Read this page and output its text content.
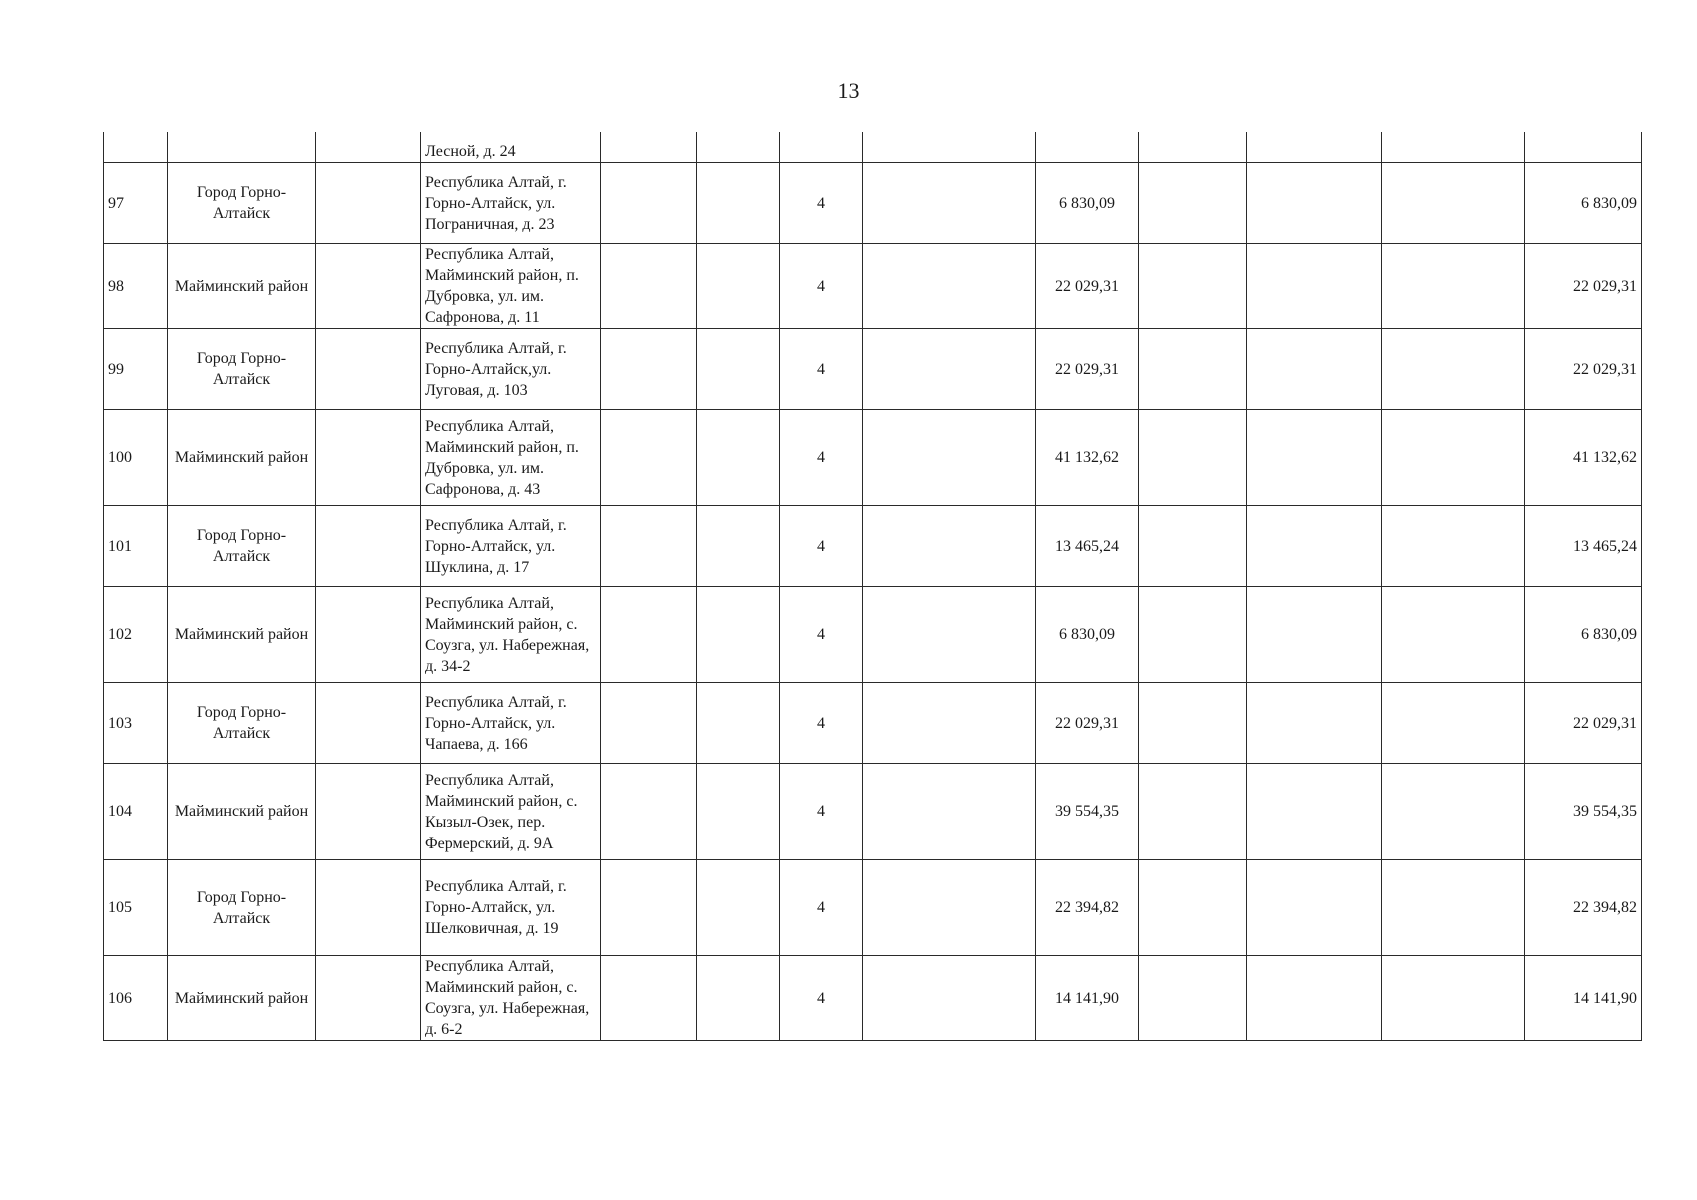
13
			Лесной, д. 24									
97	Город Горно-Алтайск		Республика Алтай, г. Горно-Алтайск, ул. Пограничная, д. 23			4		6 830,09				6 830,09
98	Майминский район		Республика Алтай, Майминский район, п. Дубровка, ул. им. Сафронова, д. 11			4		22 029,31				22 029,31
99	Город Горно-Алтайск		Республика Алтай, г. Горно-Алтайск,ул. Луговая, д. 103			4		22 029,31				22 029,31
100	Майминский район		Республика Алтай, Майминский район, п. Дубровка, ул. им. Сафронова, д. 43			4		41 132,62				41 132,62
101	Город Горно-Алтайск		Республика Алтай, г. Горно-Алтайск, ул. Шуклина, д. 17			4		13 465,24				13 465,24
102	Майминский район		Республика Алтай, Майминский район, с. Соузга, ул. Набережная, д. 34-2			4		6 830,09				6 830,09
103	Город Горно-Алтайск		Республика Алтай, г. Горно-Алтайск, ул. Чапаева, д. 166			4		22 029,31				22 029,31
104	Майминский район		Республика Алтай, Майминский район, с. Кызыл-Озек, пер. Фермерский, д. 9А			4		39 554,35				39 554,35
105	Город Горно-Алтайск		Республика Алтай, г. Горно-Алтайск, ул. Шелковичная, д. 19			4		22 394,82				22 394,82
106	Майминский район		Республика Алтай, Майминский район, с. Соузга, ул. Набережная, д. 6-2			4		14 141,90				14 141,90
